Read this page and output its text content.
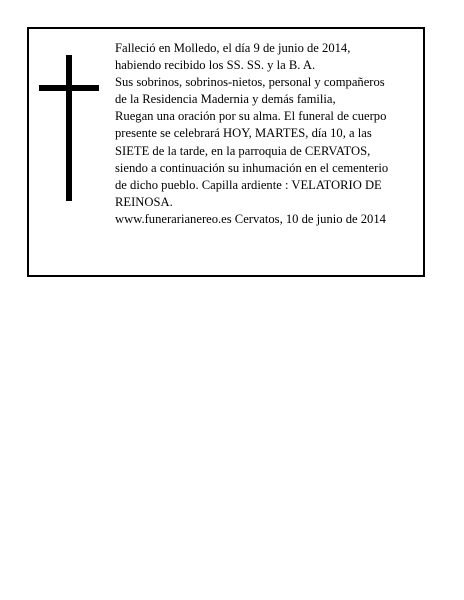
Falleció en Molledo, el día 9 de junio de 2014,
habiendo recibido los SS. SS. y la B. A.
Sus sobrinos, sobrinos-nietos, personal y compañeros
de la Residencia Madernia y demás familia,
Ruegan una oración por su alma. El funeral de cuerpo
presente se celebrará HOY, MARTES, día 10, a las
SIETE de la tarde, en la parroquia de CERVATOS,
siendo a continuación su inhumación en el cementerio
de dicho pueblo. Capilla ardiente : VELATORIO DE
REINOSA.
www.funerarianereo.es Cervatos, 10 de junio de 2014
